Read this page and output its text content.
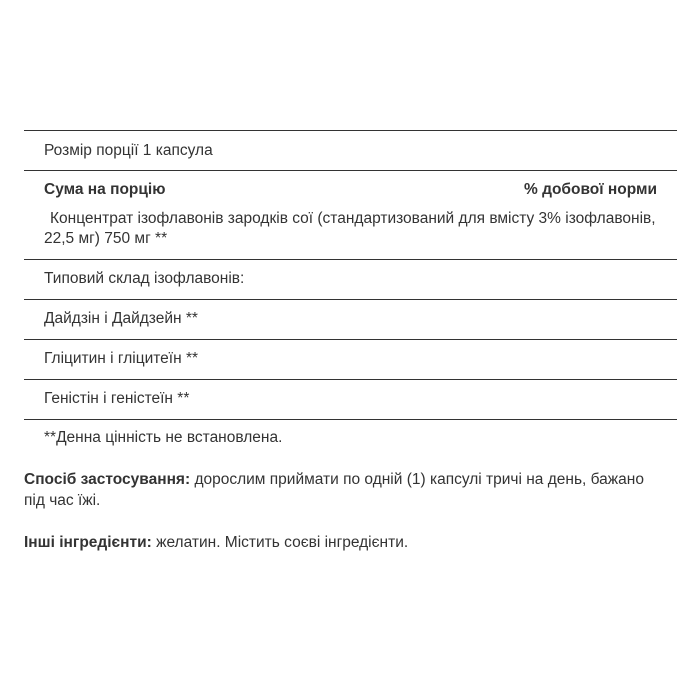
Розмір порції 1 капсула
Сума на порцію	% добової норми
Концентрат ізофлавонів зародків сої (стандартизований для вмісту 3% ізофлавонів, 22,5 мг) 750 мг **
Типовий склад ізофлавонів:
Дайдзін і Дайдзейн **
Гліцитин і гліцитеїн **
Геністін і геністеїн **
**Денна цінність не встановлена.
Спосіб застосування: дорослим приймати по одній (1) капсулі тричі на день, бажано під час їжі.
Інші інгредієнти: желатин. Містить соєві інгредієнти.
